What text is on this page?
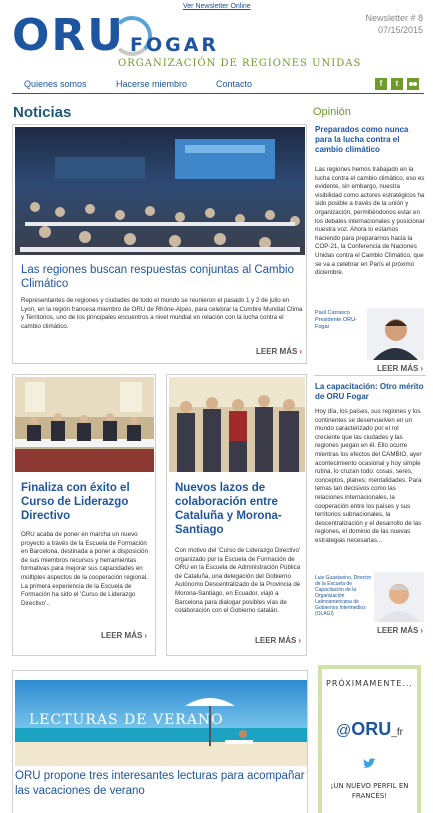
Ver Newsletter Online
ORU FOGAR
ORGANIZACIÓN DE REGIONES UNIDAS
Newsletter # 8
07/15/2015
Quienes somos	Hacerse miembro	Contacto	f	t
Noticias	Opinión
Las regiones buscan respuestas conjuntas al Cambio Climático
Representantes de regiones y ciudades de todo el mundo se reunieron el pasado 1 y 2 de julio en Lyon, en la región francesa miembro de ORU de Rhône-Alpes, para celebrar la Cumbre Mundial Clima y Territorios, uno de los principales encuentros a nivel mundial en relación con la lucha contra el cambio climático.
LEER MÁS ›
Finaliza con éxito el Curso de Liderazgo Directivo
ORU acaba de poner en marcha un nuevo proyecto a través de la Escuela de Formación en Barcelona, destinada a poner a disposición de sus miembros recursos y herramientas formativas para mejorar sus capacidades en múltiples aspectos de la cooperación regional. La primera experiencia de la Escuela de Formación ha sido el 'Curso de Liderazgo Directivo'..
LEER MÁS ›
Nuevos lazos de colaboración entre Cataluña y Morona-Santiago
Con motivo del 'Curso de Liderazgo Directivo' organizado por la Escuela de Formación de ORU en la Escuela de Administración Pública de Cataluña, una delegación del Gobierno Autónomo Descentralizado de la Provincia de Morona-Santiago, en Ecuador, viajó a Barcelona para dialogar posibles vías de colaboración con el Gobierno catalán.
LEER MÁS ›
LECTURAS DE VERANO
ORU propone tres interesantes lecturas para acompañar las vacaciones de verano
Preparados como nunca para la lucha contra el cambio climático
Las regiones hemos trabajado en la lucha contra el cambio climático, eso es evidente, sin embargo, nuestra visibilidad como actores estratégicos ha sido posible a través de la unión y organización, permitiéndonos estar en los debates internacionales y posicionar nuestra voz. Ahora lo estamos haciendo para prepararnos hacia la COP-21, la Conferencia de Naciones Unidas contra el Cambio Climático, que se va a celebrar en París el próximo diciembre.
Paúl Carrasco Presidente ORU-Fogar
LEER MÁS ›
La capacitación: Otro mérito de ORU Fogar
Hoy día, los países, sus regiones y los continentes se desenvuelven en un mundo caracterizado por el rol creciente que las ciudades y las regiones juegan en él. Ello ocurre mientras los efectos del CAMBIO, ayer acontecimiento ocasional y hoy simple rutina, lo cruzan todo: cosas, seres, conceptos, planes; mentalidades. Para temas tan decisivos como las relaciones internacionales, la cooperación entre los países y sus territorios subnacionales, la descentralización y el desarrollo de las regiones, el dominio de las nuevas estrategias necesarias...
Luis Guastavino, Director de la Escuela de Capacitación de la Organización Latinoamericana de Gobiernos Intermedios (OLAGI)
LEER MÁS ›
PRÓXIMAMENTE...
@ORU_fr
¡UN NUEVO PERFIL EN FRANCÉS!
